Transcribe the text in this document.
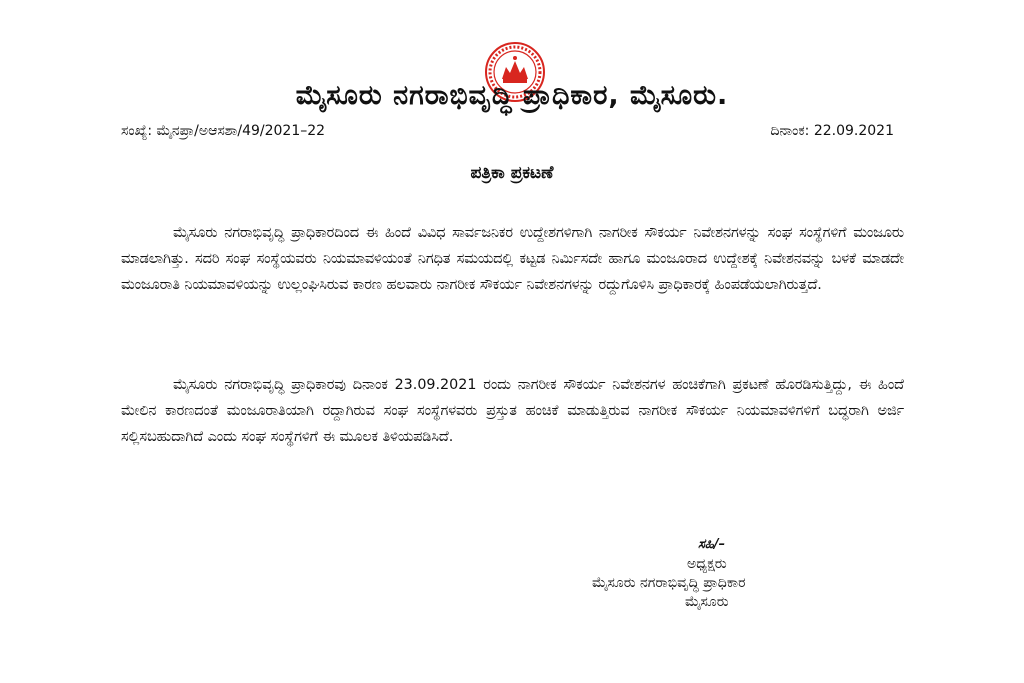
ಮೈಸೂರು ನಗರಾಭಿವೃದ್ಧಿ ಪ್ರಾಧಿಕಾರ, ಮೈಸೂರು.
ಸಂಖ್ಯೆ: ಮೈನಪ್ರಾ/ಅಆಸಶಾ/49/2021–22	ದಿನಾಂಕ: 22.09.2021
ಪತ್ರಿಕಾ ಪ್ರಕಟಣೆ
ಮೈಸೂರು ನಗರಾಭಿವೃದ್ಧಿ ಪ್ರಾಧಿಕಾರದಿಂದ ಈ ಹಿಂದೆ ವಿವಿಧ ಸಾರ್ವಜನಿಕರ ಉದ್ದೇಶಗಳಿಗಾಗಿ ನಾಗರೀಕ ಸೌಕರ್ಯ ನಿವೇಶನಗಳನ್ನು ಸಂಘ ಸಂಸ್ಥೆಗಳಿಗೆ ಮಂಜೂರು ಮಾಡಲಾಗಿತ್ತು. ಸದರಿ ಸಂಘ ಸಂಸ್ಥೆಯವರು ನಿಯಮಾವಳಿಯಂತೆ ನಿಗಧಿತ ಸಮಯದಲ್ಲಿ ಕಟ್ಟಡ ನಿರ್ಮಿಸದೇ ಹಾಗೂ ಮಂಜೂರಾದ ಉದ್ದೇಶಕ್ಕೆ ನಿವೇಶನವನ್ನು ಬಳಕೆ ಮಾಡದೇ ಮಂಜೂರಾತಿ ನಿಯಮಾವಳಿಯನ್ನು ಉಲ್ಲಂಘಿಸಿರುವ ಕಾರಣ ಹಲವಾರು ನಾಗರೀಕ ಸೌಕರ್ಯ ನಿವೇಶನಗಳನ್ನು ರದ್ದುಗೊಳಿಸಿ ಪ್ರಾಧಿಕಾರಕ್ಕೆ ಹಿಂಪಡೆಯಲಾಗಿರುತ್ತದೆ.
ಮೈಸೂರು ನಗರಾಭಿವೃದ್ಧಿ ಪ್ರಾಧಿಕಾರವು ದಿನಾಂಕ 23.09.2021 ರಂದು ನಾಗರೀಕ ಸೌಕರ್ಯ ನಿವೇಶನಗಳ ಹಂಚಿಕೆಗಾಗಿ ಪ್ರಕಟಣೆ ಹೊರಡಿಸುತ್ತಿದ್ದು, ಈ ಹಿಂದೆ ಮೇಲಿನ ಕಾರಣದಂತೆ ಮಂಜೂರಾತಿಯಾಗಿ ರದ್ದಾಗಿರುವ ಸಂಘ ಸಂಸ್ಥೆಗಳವರು ಪ್ರಸ್ತುತ ಹಂಚಿಕೆ ಮಾಡುತ್ತಿರುವ ನಾಗರೀಕ ಸೌಕರ್ಯ ನಿಯಮಾವಳಿಗಳಿಗೆ ಬದ್ಧರಾಗಿ ಅರ್ಜಿ ಸಲ್ಲಿಸಬಹುದಾಗಿದೆ ಎಂದು ಸಂಘ ಸಂಸ್ಥೆಗಳಿಗೆ ಈ ಮೂಲಕ ತಿಳಿಯಪಡಿಸಿದೆ.
ಸಹಿ/–
ಅಧ್ಯಕ್ಷರು
ಮೈಸೂರು ನಗರಾಭಿವೃದ್ಧಿ ಪ್ರಾಧಿಕಾರ
ಮೈಸೂರು
